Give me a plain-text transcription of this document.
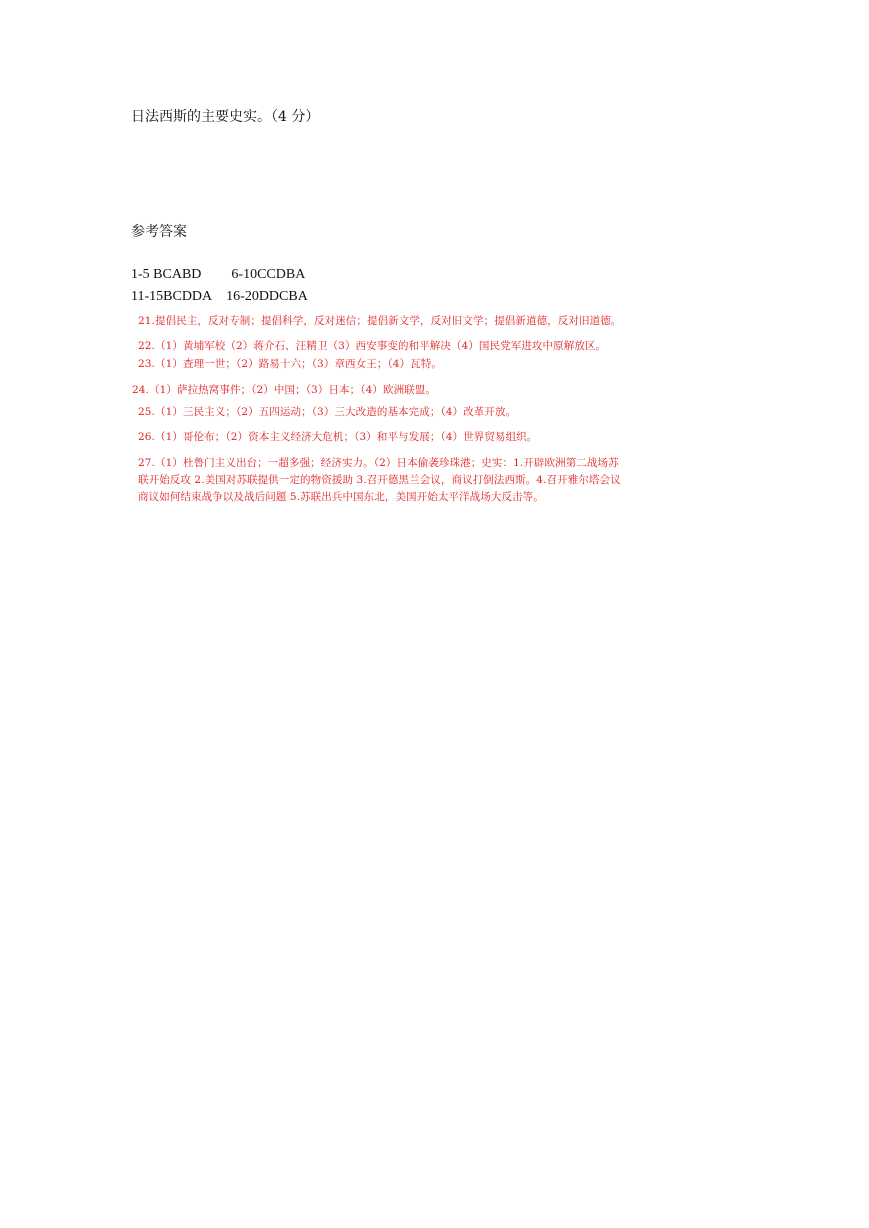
日法西斯的主要史实。（4 分）
参考答案
1-5 BCABD 6-10CCDBA
11-15BCDDA 16-20DDCBA
21.提倡民主，反对专制；提倡科学，反对迷信；提倡新文学，反对旧文学；提倡新道德，反对旧道德。
22.（1）黄埔军校（2）蒋介石、汪精卫（3）西安事变的和平解决（4）国民党军进攻中原解放区。
23.（1）查理一世；（2）路易十六；（3）章西女王；（4）瓦特。
24.（1）萨拉热窝事件；（2）中国；（3）日本；（4）欧洲联盟。
25.（1）三民主义；（2）五四运动；（3）三大改造的基本完成；（4）改革开放。
26.（1）哥伦布；（2）资本主义经济大危机；（3）和平与发展；（4）世界贸易组织。
27.（1）杜鲁门主义出台；一超多强；经济实力。（2）日本偷袭珍珠港；史实：1.开辟欧洲第二战场苏
联开始反攻 2.美国对苏联提供一定的物资援助 3.召开德黑兰会议，商议打倒法西斯。4.召开雅尔塔会议
商议如何结束战争以及战后问题 5.苏联出兵中国东北，美国开始太平洋战场大反击等。
